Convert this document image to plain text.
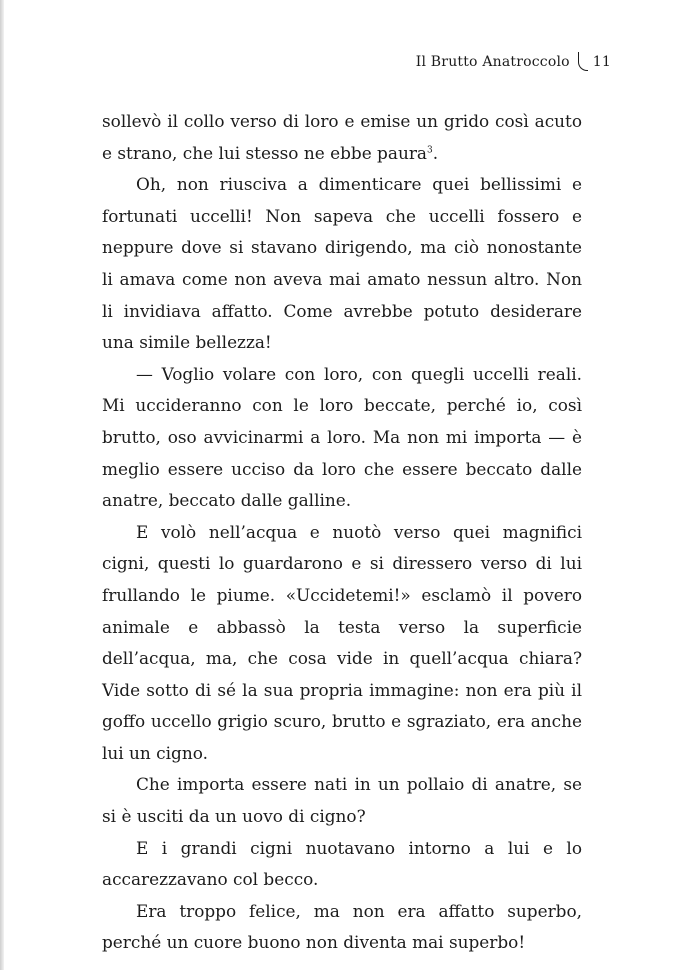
Il Brutto Anatroccolo 11

sollevò il collo verso di loro e emise un grido così acuto e strano, che lui stesso ne ebbe paura$^3$.

Oh, non riusciva a dimenticare quei bellissimi e fortunati uccelli! Non sapeva che uccelli fossero e neppure dove si stavano dirigendo, ma ciò nonostante li amava come non aveva mai amato nessun altro. Non li invidiava affatto. Come avrebbe potuto desiderare una simile bellezza!

— Voglio volare con loro, con quegli uccelli reali. Mi uccideranno con le loro beccate, perché io, così brutto, oso avvicinarmi a loro. Ma non mi importa — è meglio essere ucciso da loro che essere beccato dalle anatre, beccato dalle galline.

E volò nell’acqua e nuotò verso quei magnifici cigni, questi lo guardarono e si diressero verso di lui frullando le piume. «Uccidetemi!» esclamò il povero animale e abbassò la testa verso la superficie dell’acqua, ma, che cosa vide in quell’acqua chiara? Vide sotto di sé la sua propria immagine: non era più il goffo uccello grigio scuro, brutto e sgraziato, era anche lui un cigno.

Che importa essere nati in un pollaio di anatre, se si è usciti da un uovo di cigno?

E i grandi cigni nuotavano intorno a lui e lo accarezzavano col becco.

Era troppo felice, ma non era affatto superbo, perché un cuore buono non diventa mai superbo!
